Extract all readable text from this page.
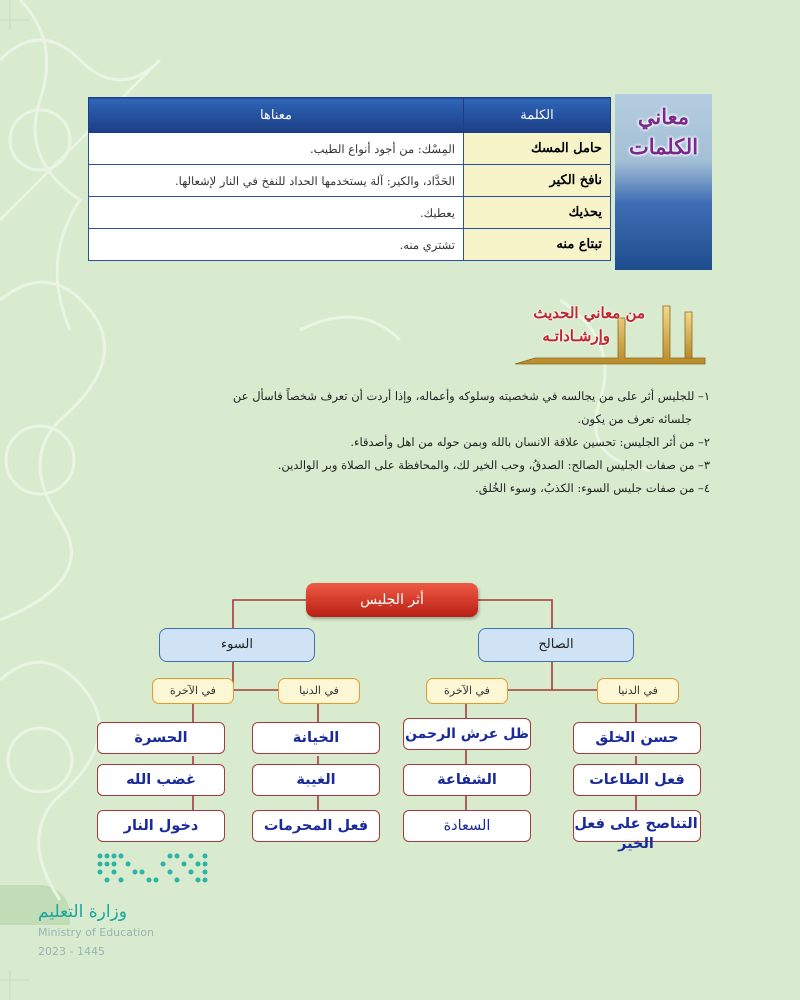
معاني
الكلمات
الكلمة	معناها
حامل المسك	المِسْك: من أجود أنواع الطيب.
نافخ الكير	الحَدَّاد، والكير: آلة يستخدمها الحداد للنفخ في النار لإشعالها.
يحذيك	يعطيك.
تبتاع منه	تشتري منه.
من معاني الحديث
وإرشـاداتـه

١– للجليس أثر على من يجالسه في شخصيته وسلوكه وأعماله، وإذا أردت أن تعرف شخصاً فاسأل عن

جلسائه تعرف من يكون.

٢– من أثر الجليس: تحسين علاقة الانسان بالله وبمن حوله من اهل وأصدقاء.

٣– من صفات الجليس الصالح: الصدقُ، وحب الخير لك، والمحافظة على الصلاة وبر الوالدين.

٤– من صفات جليس السوء: الكذبُ، وسوء الخُلق.

أثر الجليس
السوء	الصالح
في الآخرة	في الدنيا	في الآخرة	في الدنيا
الحسرة
غضب الله
دخول النار
الخيانة
الغيبة
فعل المحرمات
ظل عرش الرحمن
الشفاعة
السعادة
حسن الخلق
فعل الطاعات
التناصح على فعل الخير
وزارة التعليم
Ministry of Education
2023 - 1445
